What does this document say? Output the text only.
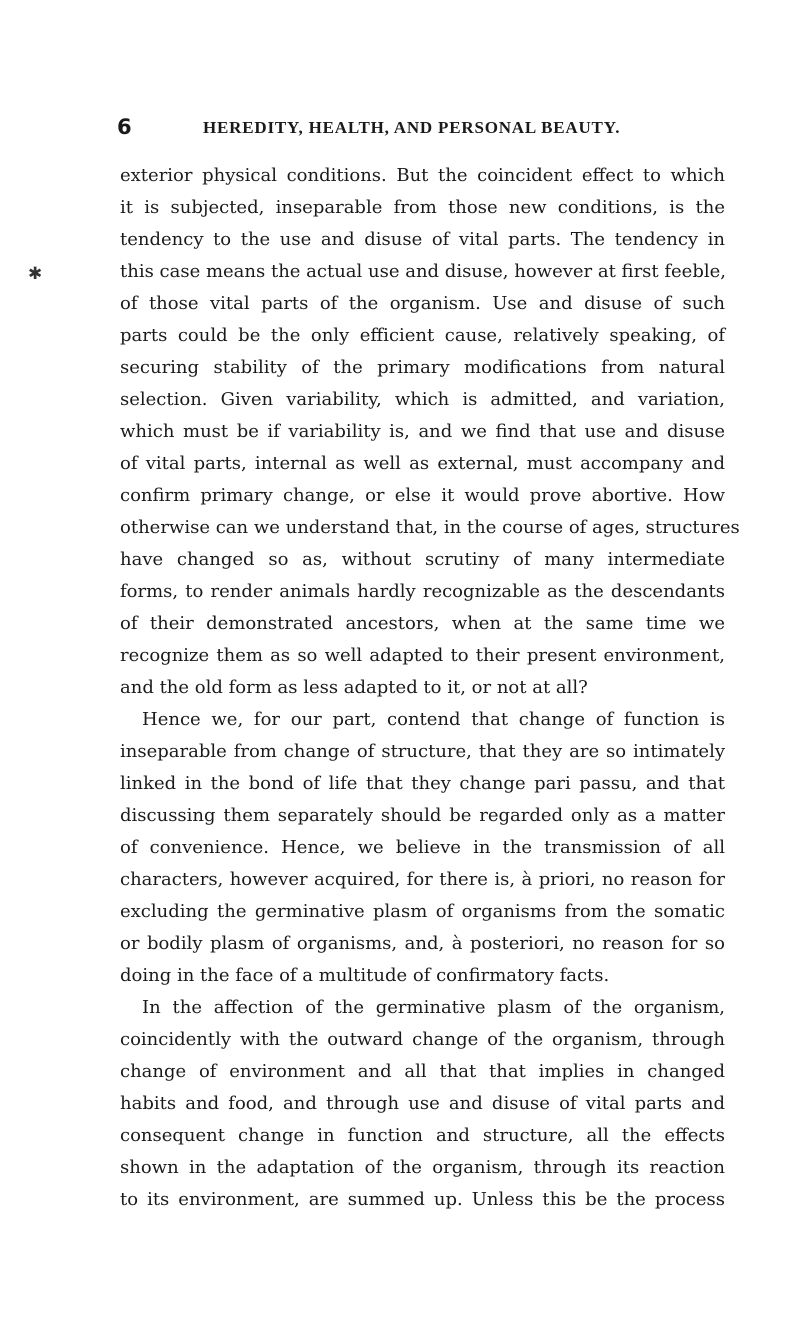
6	HEREDITY, HEALTH, AND PERSONAL BEAUTY.
✱
exterior physical conditions. But the coincident effect to which
it is subjected, inseparable from those new conditions, is the
tendency to the use and disuse of vital parts. The tendency in
this case means the actual use and disuse, however at first feeble,
of those vital parts of the organism. Use and disuse of such
parts could be the only efficient cause, relatively speaking, of
securing stability of the primary modifications from natural
selection. Given variability, which is admitted, and variation,
which must be if variability is, and we find that use and disuse
of vital parts, internal as well as external, must accompany and
confirm primary change, or else it would prove abortive. How
otherwise can we understand that, in the course of ages, structures
have changed so as, without scrutiny of many intermediate
forms, to render animals hardly recognizable as the descendants
of their demonstrated ancestors, when at the same time we
recognize them as so well adapted to their present environment,
and the old form as less adapted to it, or not at all?
Hence we, for our part, contend that change of function is
inseparable from change of structure, that they are so intimately
linked in the bond of life that they change pari passu, and that
discussing them separately should be regarded only as a matter
of convenience. Hence, we believe in the transmission of all
characters, however acquired, for there is, à priori, no reason for
excluding the germinative plasm of organisms from the somatic
or bodily plasm of organisms, and, à posteriori, no reason for so
doing in the face of a multitude of confirmatory facts.
In the affection of the germinative plasm of the organism,
coincidently with the outward change of the organism, through
change of environment and all that that implies in changed
habits and food, and through use and disuse of vital parts and
consequent change in function and structure, all the effects
shown in the adaptation of the organism, through its reaction
to its environment, are summed up. Unless this be the process
